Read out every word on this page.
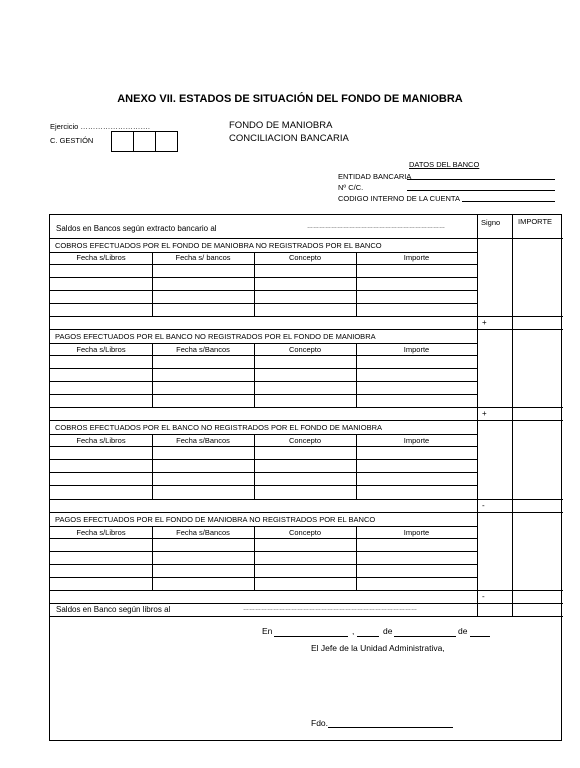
ANEXO VII. ESTADOS DE SITUACIÓN DEL FONDO DE MANIOBRA
Ejercicio ……………………….
C. GESTIÓN
FONDO DE MANIOBRA
CONCILIACION BANCARIA
DATOS DEL BANCO
ENTIDAD BANCARIA
Nº C/C.
CODIGO INTERNO DE LA CUENTA
Saldos en Bancos según extracto bancario al	……………………………………………………………	Signo IMPORTE
COBROS EFECTUADOS POR EL FONDO DE MANIOBRA NO REGISTRADOS POR EL BANCO
Fecha s/Libros	Fecha s/ bancos	Concepto	Importe
+
PAGOS EFECTUADOS POR EL BANCO NO REGISTRADOS POR EL FONDO DE MANIOBRA
Fecha s/Libros	Fecha s/Bancos	Concepto	Importe
+
COBROS EFECTUADOS POR EL BANCO NO REGISTRADOS POR EL FONDO DE MANIOBRA
Fecha s/Libros	Fecha s/Bancos	Concepto	Importe
-
PAGOS EFECTUADOS POR EL FONDO DE MANIOBRA NO REGISTRADOS POR EL BANCO
Fecha s/Libros	Fecha s/Bancos	Concepto	Importe
-
Saldos en Banco según libros al	……………………………………………………………………………
En	,	de	de
El Jefe de la Unidad Administrativa,
Fdo.
